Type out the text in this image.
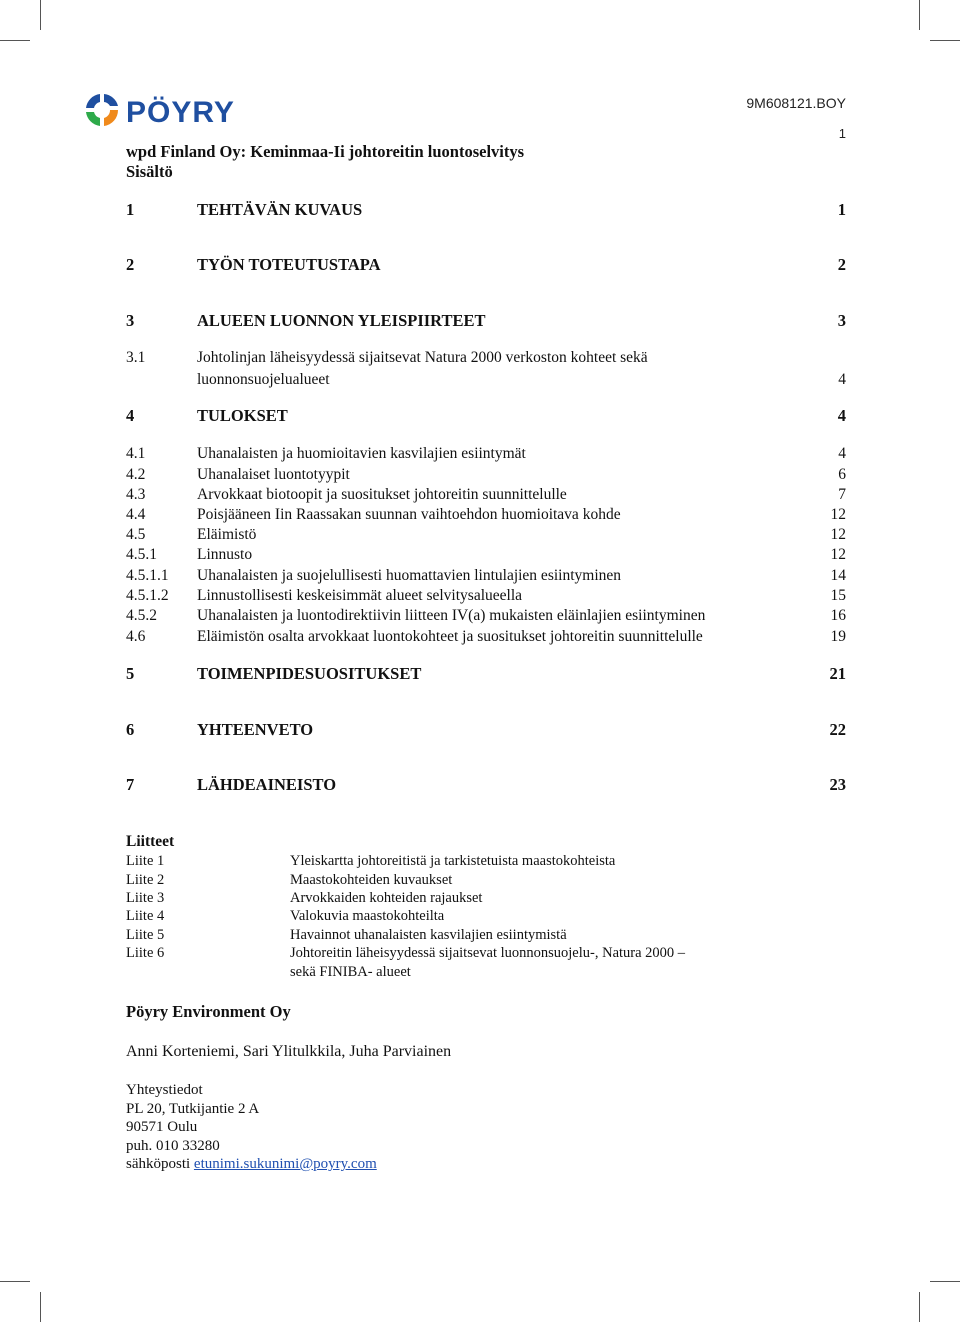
PÖYRY	9M608121.BOY
1
wpd Finland Oy: Keminmaa-Ii johtoreitin luontoselvitys
Sisältö
1	TEHTÄVÄN KUVAUS	1
2	TYÖN TOTEUTUSTAPA	2
3	ALUEEN LUONNON YLEISPIIRTEET	3
3.1	Johtolinjan läheisyydessä sijaitsevat Natura 2000 verkoston kohteet sekä
luonnonsuojelualueet	4
4	TULOKSET	4
4.1	Uhanalaisten ja huomioitavien kasvilajien esiintymät	4
4.2	Uhanalaiset luontotyypit	6
4.3	Arvokkaat biotoopit ja suositukset johtoreitin suunnittelulle	7
4.4	Poisjääneen Iin Raassakan suunnan vaihtoehdon huomioitava kohde	12
4.5	Eläimistö	12
4.5.1	Linnusto	12
4.5.1.1 Uhanalaisten ja suojelullisesti huomattavien lintulajien esiintyminen	14
4.5.1.2 Linnustollisesti keskeisimmät alueet selvitysalueella	15
4.5.2	Uhanalaisten ja luontodirektiivin liitteen IV(a) mukaisten eläinlajien esiintyminen	16
4.6	Eläimistön osalta arvokkaat luontokohteet ja suositukset johtoreitin suunnittelulle	19
5	TOIMENPIDESUOSITUKSET	21
6	YHTEENVETO	22
7	LÄHDEAINEISTO	23
Liitteet
Liite 1	Yleiskartta johtoreitistä ja tarkistetuista maastokohteista
Liite 2	Maastokohteiden kuvaukset
Liite 3	Arvokkaiden kohteiden rajaukset
Liite 4	Valokuvia maastokohteilta
Liite 5	Havainnot uhanalaisten kasvilajien esiintymistä
Liite 6	Johtoreitin läheisyydessä sijaitsevat luonnonsuojelu-, Natura 2000 –
sekä FINIBA- alueet
Pöyry Environment Oy
Anni Korteniemi, Sari Ylitulkkila, Juha Parviainen
Yhteystiedot
PL 20, Tutkijantie 2 A
90571 Oulu
puh. 010 33280
sähköposti etunimi.sukunimi@poyry.com
